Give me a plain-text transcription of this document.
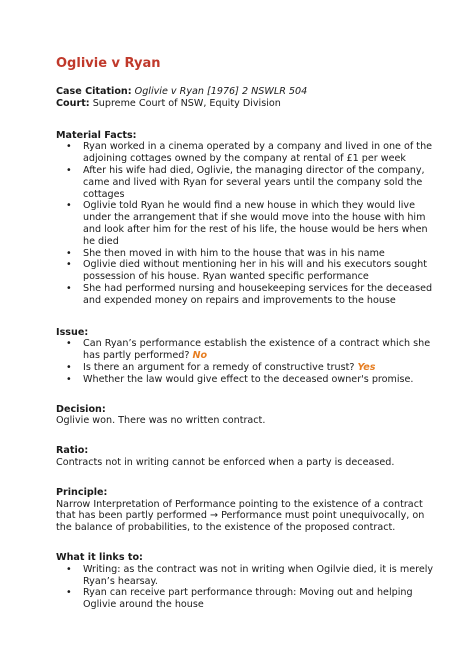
Oglivie v Ryan

Case Citation: Oglivie v Ryan [1976] 2 NSWLR 504

Court: Supreme Court of NSW, Equity Division

Material Facts:

• Ryan worked in a cinema operated by a company and lived in one of the adjoining cottages owned by the company at rental of £1 per week
• After his wife had died, Oglivie, the managing director of the company, came and lived with Ryan for several years until the company sold the cottages
• Oglivie told Ryan he would find a new house in which they would live under the arrangement that if she would move into the house with him and look after him for the rest of his life, the house would be hers when he died
• She then moved in with him to the house that was in his name
• Oglivie died without mentioning her in his will and his executors sought possession of his house. Ryan wanted specific performance
• She had performed nursing and housekeeping services for the deceased and expended money on repairs and improvements to the house

Issue:

• Can Ryan’s performance establish the existence of a contract which she has partly performed? No
• Is there an argument for a remedy of constructive trust? Yes
• Whether the law would give effect to the deceased owner's promise.

Decision:

Oglivie won. There was no written contract.

Ratio:

Contracts not in writing cannot be enforced when a party is deceased.

Principle:

Narrow Interpretation of Performance pointing to the existence of a contract that has been partly performed → Performance must point unequivocally, on the balance of probabilities, to the existence of the proposed contract.

What it links to:

• Writing: as the contract was not in writing when Ogilvie died, it is merely Ryan’s hearsay.
• Ryan can receive part performance through: Moving out and helping Oglivie around the house
